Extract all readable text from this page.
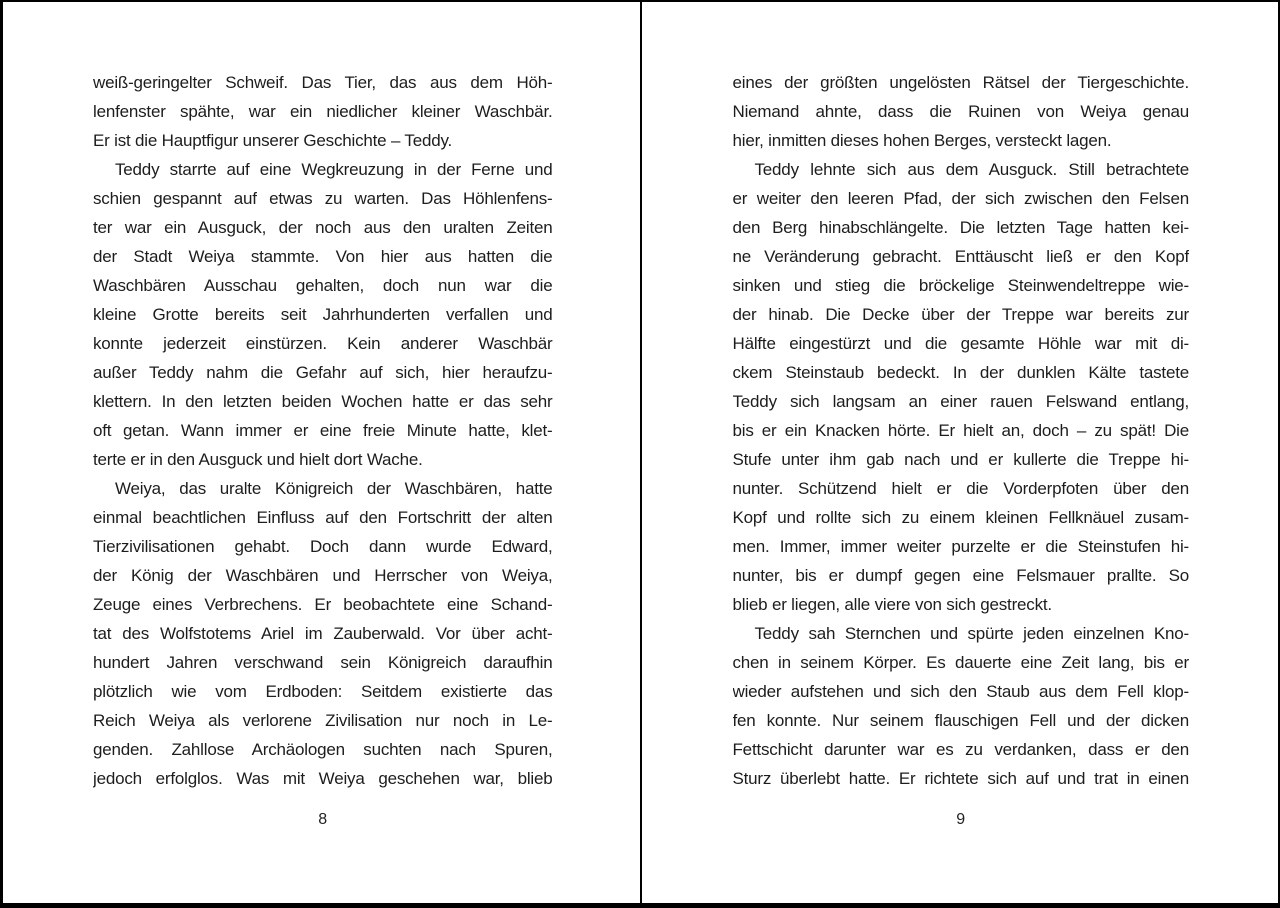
weiß-geringelter Schweif. Das Tier, das aus dem Höh-
lenfenster spähte, war ein niedlicher kleiner Waschbär.
Er ist die Hauptfigur unserer Geschichte – Teddy.
Teddy starrte auf eine Wegkreuzung in der Ferne und
schien gespannt auf etwas zu warten. Das Höhlenfens-
ter war ein Ausguck, der noch aus den uralten Zeiten
der Stadt Weiya stammte. Von hier aus hatten die
Waschbären Ausschau gehalten, doch nun war die
kleine Grotte bereits seit Jahrhunderten verfallen und
konnte jederzeit einstürzen. Kein anderer Waschbär
außer Teddy nahm die Gefahr auf sich, hier heraufzu-
klettern. In den letzten beiden Wochen hatte er das sehr
oft getan. Wann immer er eine freie Minute hatte, klet-
terte er in den Ausguck und hielt dort Wache.
Weiya, das uralte Königreich der Waschbären, hatte
einmal beachtlichen Einfluss auf den Fortschritt der alten
Tierzivilisationen gehabt. Doch dann wurde Edward,
der König der Waschbären und Herrscher von Weiya,
Zeuge eines Verbrechens. Er beobachtete eine Schand-
tat des Wolfstotems Ariel im Zauberwald. Vor über acht-
hundert Jahren verschwand sein Königreich daraufhin
plötzlich wie vom Erdboden: Seitdem existierte das
Reich Weiya als verlorene Zivilisation nur noch in Le-
genden. Zahllose Archäologen suchten nach Spuren,
jedoch erfolglos. Was mit Weiya geschehen war, blieb
8
eines der größten ungelösten Rätsel der Tiergeschichte.
Niemand ahnte, dass die Ruinen von Weiya genau
hier, inmitten dieses hohen Berges, versteckt lagen.
Teddy lehnte sich aus dem Ausguck. Still betrachtete
er weiter den leeren Pfad, der sich zwischen den Felsen
den Berg hinabschlängelte. Die letzten Tage hatten kei-
ne Veränderung gebracht. Enttäuscht ließ er den Kopf
sinken und stieg die bröckelige Steinwendeltreppe wie-
der hinab. Die Decke über der Treppe war bereits zur
Hälfte eingestürzt und die gesamte Höhle war mit di-
ckem Steinstaub bedeckt. In der dunklen Kälte tastete
Teddy sich langsam an einer rauen Felswand entlang,
bis er ein Knacken hörte. Er hielt an, doch – zu spät! Die
Stufe unter ihm gab nach und er kullerte die Treppe hi-
nunter. Schützend hielt er die Vorderpfoten über den
Kopf und rollte sich zu einem kleinen Fellknäuel zusam-
men. Immer, immer weiter purzelte er die Steinstufen hi-
nunter, bis er dumpf gegen eine Felsmauer prallte. So
blieb er liegen, alle viere von sich gestreckt.
Teddy sah Sternchen und spürte jeden einzelnen Kno-
chen in seinem Körper. Es dauerte eine Zeit lang, bis er
wieder aufstehen und sich den Staub aus dem Fell klop-
fen konnte. Nur seinem flauschigen Fell und der dicken
Fettschicht darunter war es zu verdanken, dass er den
Sturz überlebt hatte. Er richtete sich auf und trat in einen
9
